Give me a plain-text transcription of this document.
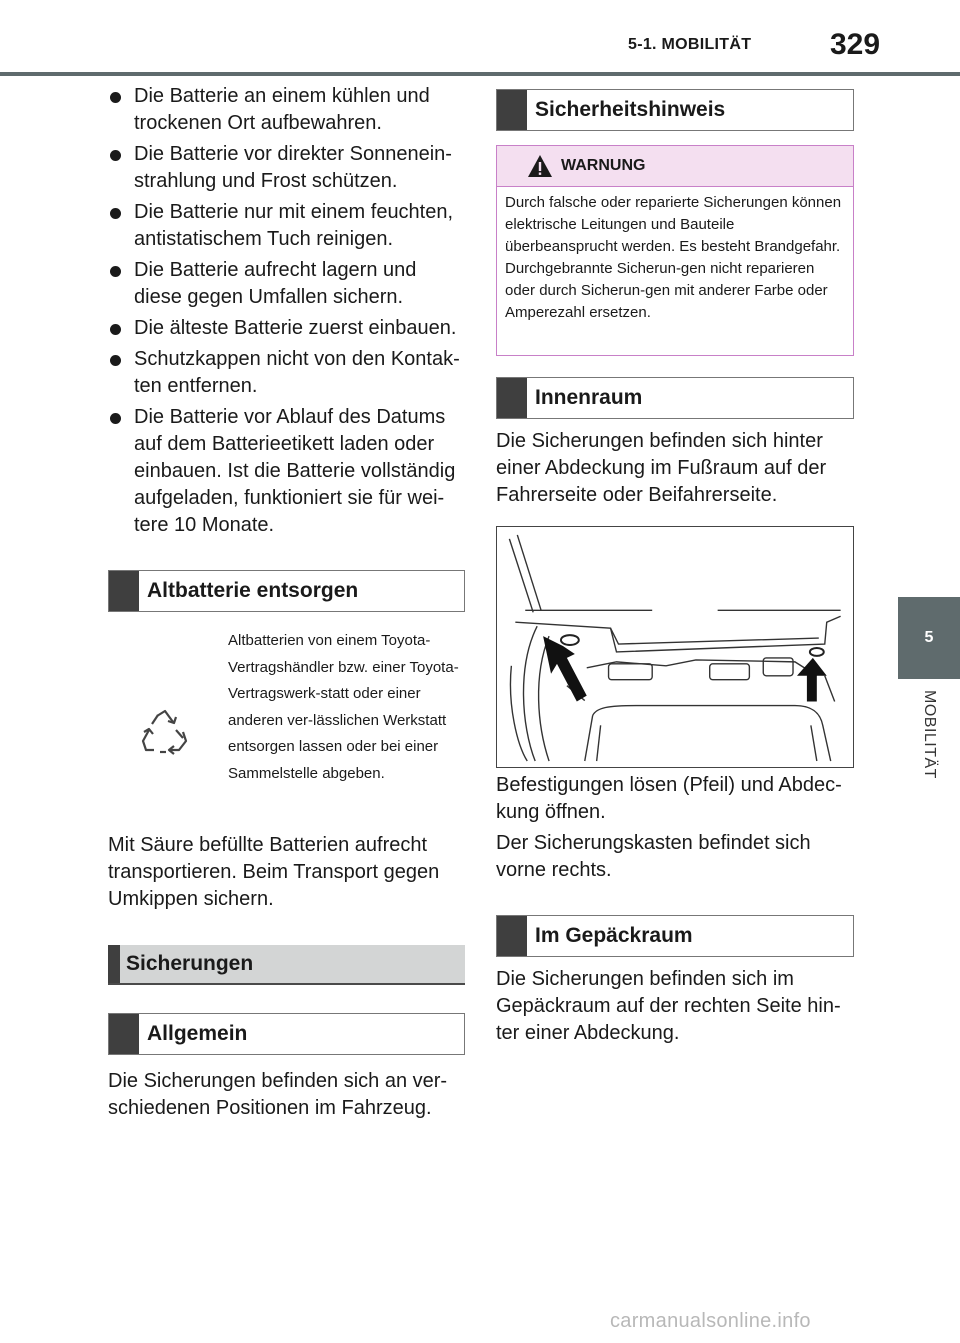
5-1. MOBILITÄT	329
5
MOBILITÄT
Die Batterie an einem kühlen und trockenen Ort aufbewahren.
Die Batterie vor direkter Sonnenein-strahlung und Frost schützen.
Die Batterie nur mit einem feuchten, antistatischem Tuch reinigen.
Die Batterie aufrecht lagern und diese gegen Umfallen sichern.
Die älteste Batterie zuerst einbauen.
Schutzkappen nicht von den Kontak-ten entfernen.
Die Batterie vor Ablauf des Datums auf dem Batterieetikett laden oder einbauen. Ist die Batterie vollständig aufgeladen, funktioniert sie für wei-tere 10 Monate.
Altbatterie entsorgen
Altbatterien von einem Toyota-Vertragshändler bzw. einer Toyota-Vertragswerk-statt oder einer anderen ver-lässlichen Werkstatt entsorgen lassen oder bei einer Sammelstelle abgeben.
Mit Säure befüllte Batterien aufrecht transportieren. Beim Transport gegen Umkippen sichern.
Sicherungen
Allgemein
Die Sicherungen befinden sich an ver-schiedenen Positionen im Fahrzeug.
Sicherheitshinweis
WARNUNG
Durch falsche oder reparierte Sicherungen können elektrische Leitungen und Bauteile überbeansprucht werden. Es besteht Brandgefahr. Durchgebrannte Sicherun-gen nicht reparieren oder durch Sicherun-gen mit anderer Farbe oder Amperezahl ersetzen.
Innenraum
Die Sicherungen befinden sich hinter einer Abdeckung im Fußraum auf der Fahrerseite oder Beifahrerseite.
Befestigungen lösen (Pfeil) und Abdec-kung öffnen.
Der Sicherungskasten befindet sich vorne rechts.
Im Gepäckraum
Die Sicherungen befinden sich im Gepäckraum auf der rechten Seite hin-ter einer Abdeckung.
carmanualsonline.info
